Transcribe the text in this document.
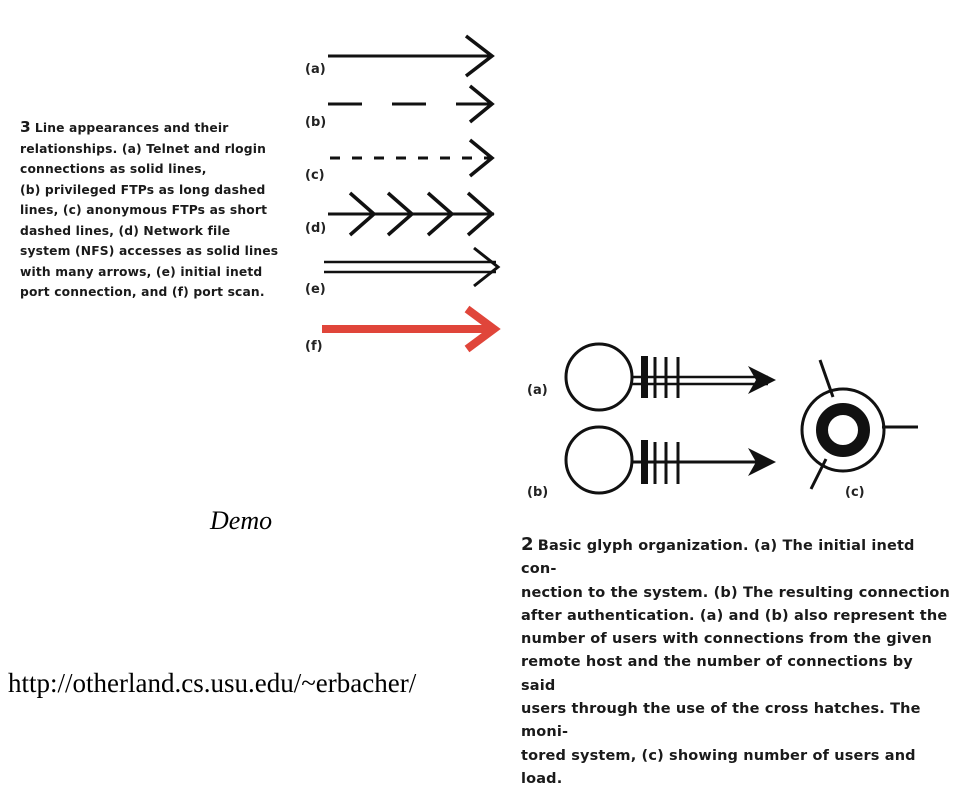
3 Line appearances and their
relationships. (a) Telnet and rlogin
connections as solid lines,
(b) privileged FTPs as long dashed
lines, (c) anonymous FTPs as short
dashed lines, (d) Network file
system (NFS) accesses as solid lines
with many arrows, (e) initial inetd
port connection, and (f) port scan.
(a)
(b)
(c)
(d)
(e)
(f)
(a)
(b)	(c)
Demo
2 Basic glyph organization. (a) The initial inetd con-
nection to the system. (b) The resulting connection
after authentication. (a) and (b) also represent the
number of users with connections from the given
remote host and the number of connections by said
users through the use of the cross hatches. The moni-
tored system, (c) showing number of users and load.
http://otherland.cs.usu.edu/~erbacher/
